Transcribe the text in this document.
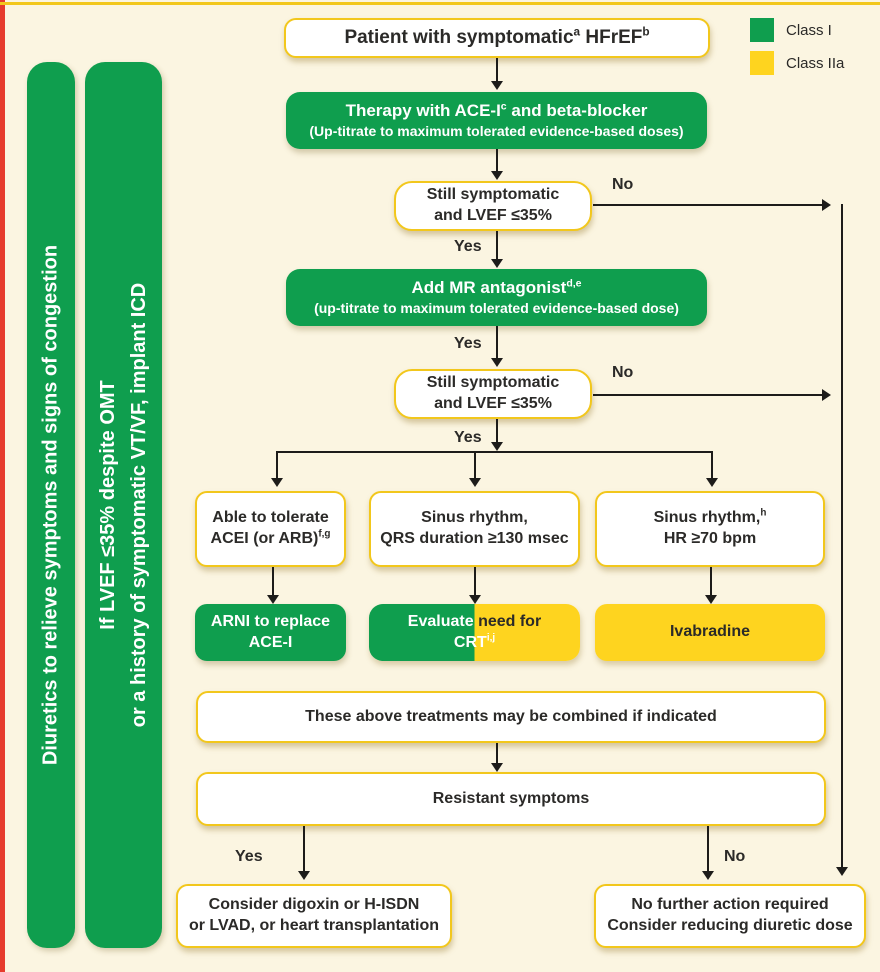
Class I
Class IIa
Diuretics to relieve symptoms and signs of congestion If LVEF ≤35% despite OMT or a history of symptomatic VT/VF, implant ICD
Patient with symptomatic$^a$ HFrEF$^b$
Therapy with ACE-$I^c$ and beta-blocker
(Up-titrate to maximum tolerated evidence-based doses)
Still symptomatic
and LVEF ≤35%
No
Yes
Add MR antagonist$^{d,e}$
(up-titrate to maximum tolerated evidence-based dose)
Yes
Still symptomatic
and LVEF ≤35%
No
Yes
Able to tolerate
ACEI (or ARB)$^{f,g}$
Sinus rhythm,
QRS duration ≥130 msec
Sinus rhythm,$^h$
HR ≥70 bpm
ARNI to replace
ACE-I
Evaluate need for
CRT$^{i,j}$	Ivabradine
These above treatments may be combined if indicated
Resistant symptoms
Yes	No
Consider digoxin or H-ISDN
or LVAD, or heart transplantation
No further action required
Consider reducing diuretic dose
